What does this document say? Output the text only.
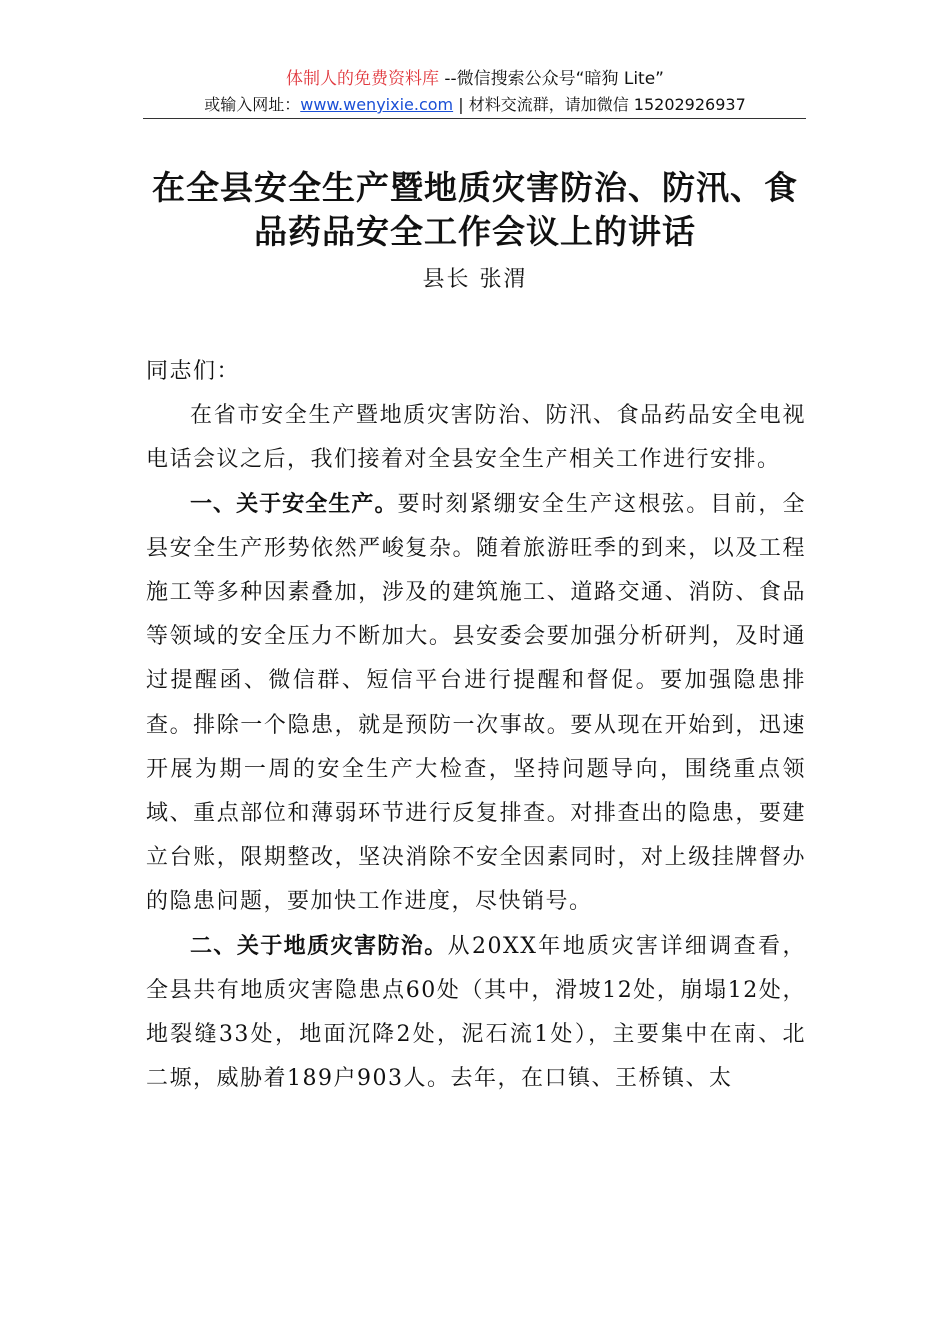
体制人的免费资料库 --微信搜索公众号“暗狗 Lite”
或输入网址：www.wenyixie.com | 材料交流群，请加微信 15202926937
在全县安全生产暨地质灾害防治、防汛、食品药品安全工作会议上的讲话
县长 张渭

同志们：

在省市安全生产暨地质灾害防治、防汛、食品药品安全电视电话会议之后，我们接着对全县安全生产相关工作进行安排。

一、关于安全生产。要时刻紧绷安全生产这根弦。目前，全县安全生产形势依然严峻复杂。随着旅游旺季的到来，以及工程施工等多种因素叠加，涉及的建筑施工、道路交通、消防、食品等领域的安全压力不断加大。县安委会要加强分析研判，及时通过提醒函、微信群、短信平台进行提醒和督促。要加强隐患排查。排除一个隐患，就是预防一次事故。要从现在开始到，迅速开展为期一周的安全生产大检查，坚持问题导向，围绕重点领域、重点部位和薄弱环节进行反复排查。对排查出的隐患，要建立台账，限期整改，坚决消除不安全因素同时，对上级挂牌督办的隐患问题，要加快工作进度，尽快销号。

二、关于地质灾害防治。从20XX年地质灾害详细调查看，全县共有地质灾害隐患点60处（其中，滑坡12处，崩塌12处，地裂缝33处，地面沉降2处，泥石流1处），主要集中在南、北二塬，威胁着189户903人。去年，在口镇、王桥镇、太
